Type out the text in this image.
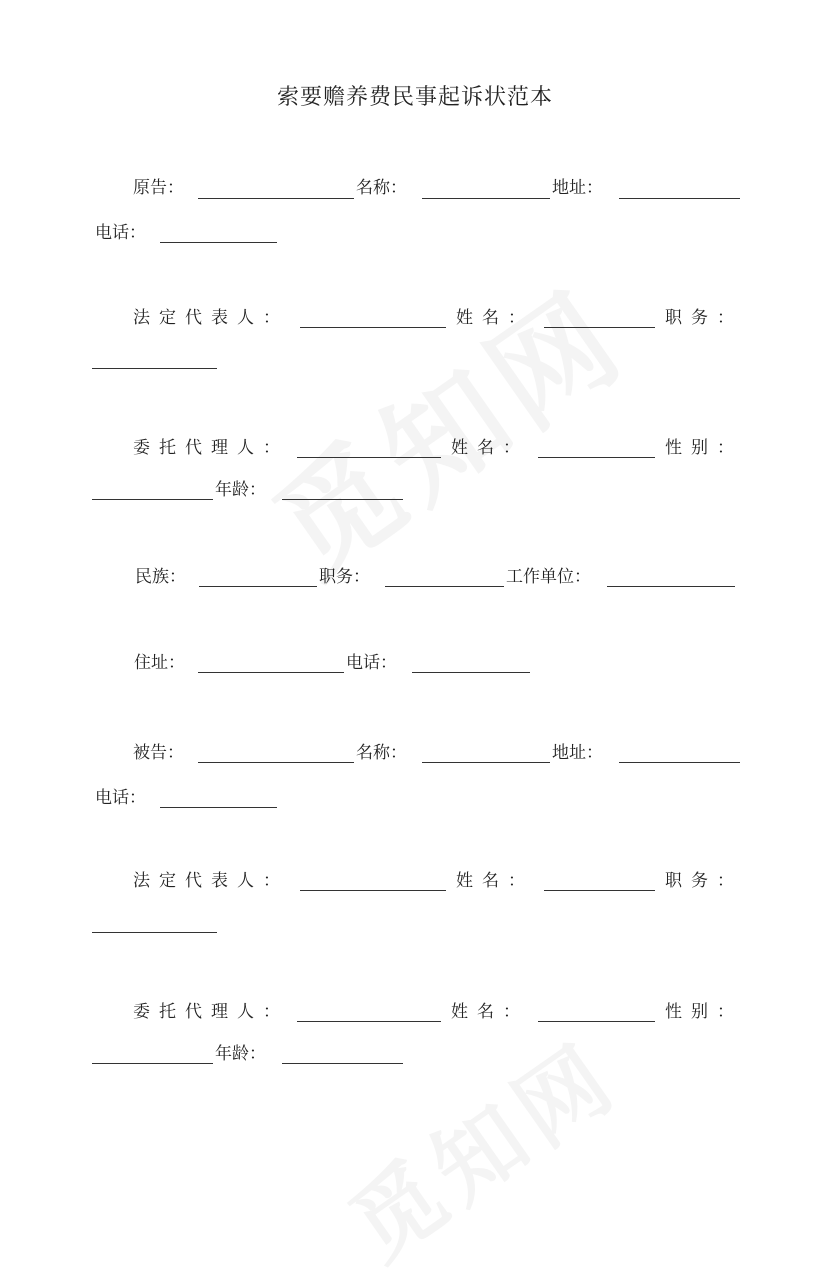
索要赡养费民事起诉状范本
原告：	名称：	地址：
电话：
法定代表人：	姓名：	职务：
委托代理人：	姓名：	性别：
年龄：
民族：	职务：	工作单位：
住址：	电话：
被告：	名称：	地址：
电话：
法定代表人：	姓名：	职务：
委托代理人：	姓名：	性别：
年龄：
